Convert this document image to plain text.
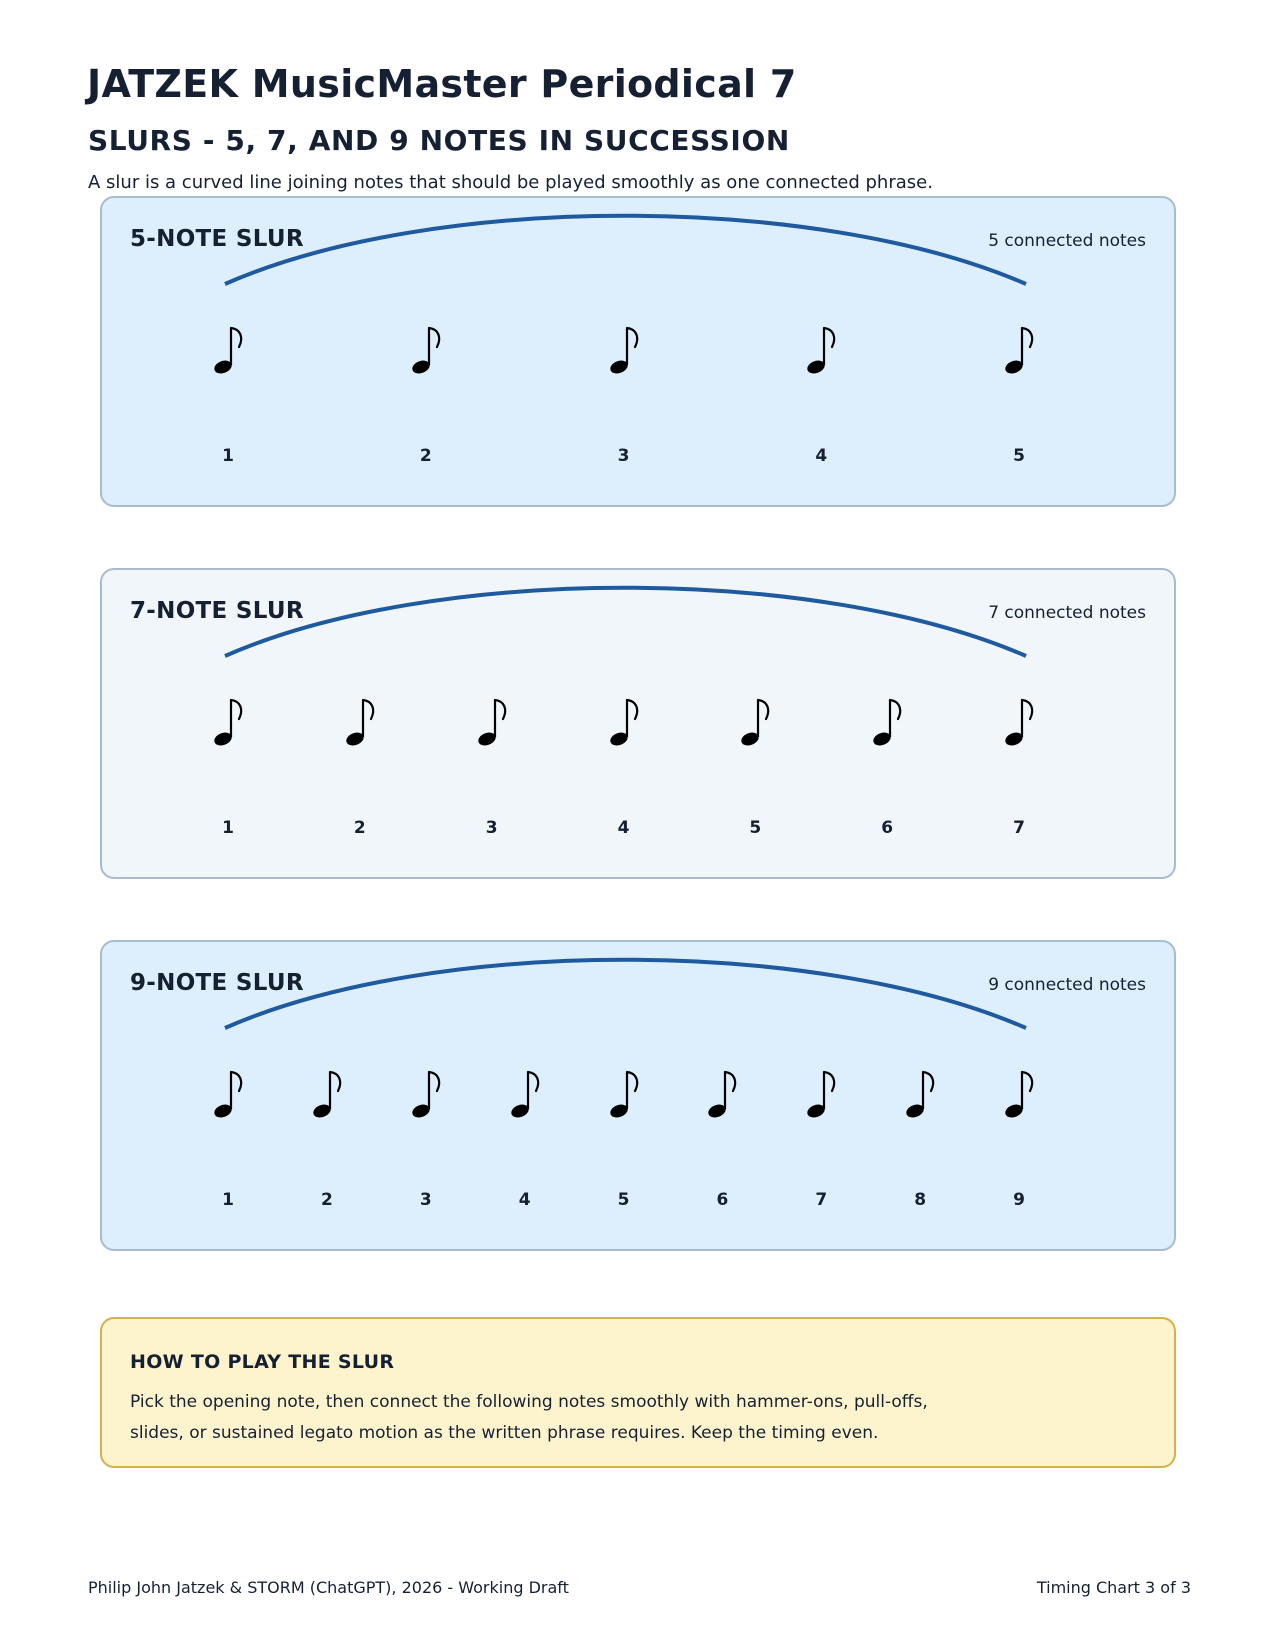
JATZEK MusicMaster Periodical 7
SLURS - 5, 7, AND 9 NOTES IN SUCCESSION

A slur is a curved line joining notes that should be played smoothly as one connected phrase.

5-NOTE SLUR	5 connected notes
1	2	3	4	5
7-NOTE SLUR	7 connected notes
1	2	3	4	5	6	7
9-NOTE SLUR	9 connected notes
1	2	3	4	5	6	7	8	9
HOW TO PLAY THE SLUR
Pick the opening note, then connect the following notes smoothly with hammer-ons, pull-offs,
slides, or sustained legato motion as the written phrase requires. Keep the timing even.
Philip John Jatzek & STORM (ChatGPT), 2026 - Working Draft	Timing Chart 3 of 3
